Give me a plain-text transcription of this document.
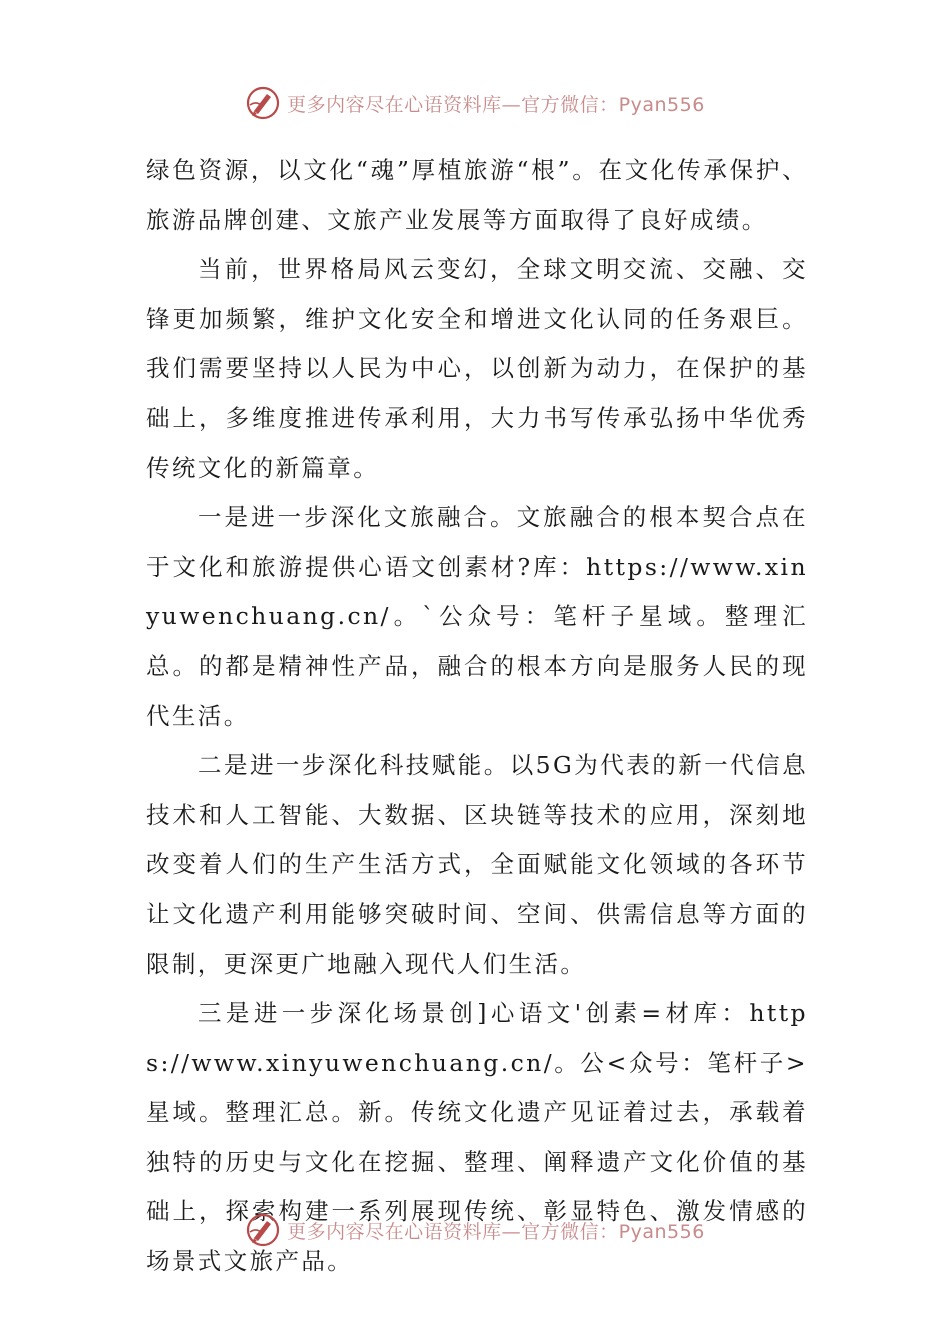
更多内容尽在心语资料库—官方微信：Pyan556

绿色资源，以文化“魂”厚植旅游“根”。在文化传承保护、旅游品牌创建、文旅产业发展等方面取得了良好成绩。

当前，世界格局风云变幻，全球文明交流、交融、交锋更加频繁，维护文化安全和增进文化认同的任务艰巨。我们需要坚持以人民为中心，以创新为动力，在保护的基础上，多维度推进传承利用，大力书写传承弘扬中华优秀传统文化的新篇章。

一是进一步深化文旅融合。文旅融合的根本契合点在于文化和旅游提供心语文创素材?库：https://www.xinyuwenchuang.cn/。`公众号：笔杆子星域。整理汇总。的都是精神性产品，融合的根本方向是服务人民的现代生活。

二是进一步深化科技赋能。以5G为代表的新一代信息技术和人工智能、大数据、区块链等技术的应用，深刻地改变着人们的生产生活方式，全面赋能文化领域的各环节让文化遗产利用能够突破时间、空间、供需信息等方面的限制，更深更广地融入现代人们生活。

三是进一步深化场景创]心语文'创素=材库：https://www.xinyuwenchuang.cn/。公<众号：笔杆子>星域。整理汇总。新。传统文化遗产见证着过去，承载着独特的历史与文化在挖掘、整理、阐释遗产文化价值的基础上，探索构建一系列展现传统、彰显特色、激发情感的场景式文旅产品。

更多内容尽在心语资料库—官方微信：Pyan556
